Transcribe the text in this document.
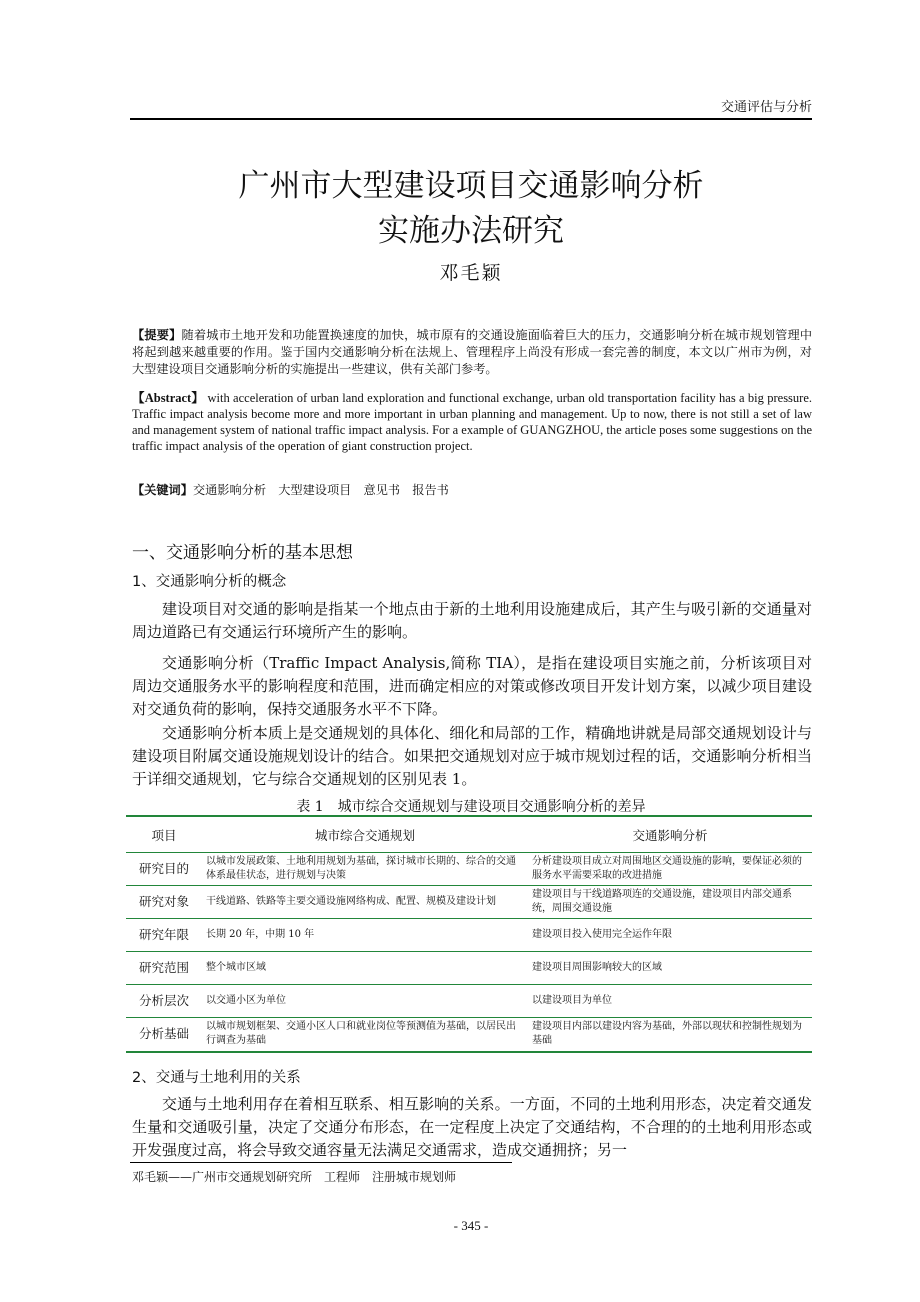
交通评估与分析
广州市大型建设项目交通影响分析
实施办法研究
邓毛颖
【提要】随着城市土地开发和功能置换速度的加快，城市原有的交通设施面临着巨大的压力，交通影响分析在城市规划管理中将起到越来越重要的作用。鉴于国内交通影响分析在法规上、管理程序上尚没有形成一套完善的制度，本文以广州市为例，对大型建设项目交通影响分析的实施提出一些建议，供有关部门参考。
【Abstract】 with acceleration of urban land exploration and functional exchange, urban old transportation facility has a big pressure. Traffic impact analysis become more and more important in urban planning and management. Up to now, there is not still a set of law and management system of national traffic impact analysis. For a example of GUANGZHOU, the article poses some suggestions on the traffic impact analysis of the operation of giant construction project.
【关键词】交通影响分析　大型建设项目　意见书　报告书
一、交通影响分析的基本思想
1、交通影响分析的概念
建设项目对交通的影响是指某一个地点由于新的土地利用设施建成后，其产生与吸引新的交通量对周边道路已有交通运行环境所产生的影响。
交通影响分析（Traffic Impact Analysis,简称 TIA），是指在建设项目实施之前，分析该项目对周边交通服务水平的影响程度和范围，进而确定相应的对策或修改项目开发计划方案，以减少项目建设对交通负荷的影响，保持交通服务水平不下降。
交通影响分析本质上是交通规划的具体化、细化和局部的工作，精确地讲就是局部交通规划设计与建设项目附属交通设施规划设计的结合。如果把交通规划对应于城市规划过程的话，交通影响分析相当于详细交通规划，它与综合交通规划的区别见表 1。
表 1　城市综合交通规划与建设项目交通影响分析的差异
项目	城市综合交通规划	交通影响分析
研究目的	以城市发展政策、土地利用规划为基础，探讨城市长期的、综合的交通体系最佳状态，进行规划与决策	分析建设项目成立对周围地区交通设施的影响，要保证必须的服务水平需要采取的改进措施
研究对象	干线道路、铁路等主要交通设施网络构成、配置、规模及建设计划	建设项目与干线道路项连的交通设施，建设项目内部交通系统，周围交通设施
研究年限	长期 20 年，中期 10 年	建设项目投入使用完全运作年限
研究范围	整个城市区域	建设项目周围影响较大的区域
分析层次	以交通小区为单位	以建设项目为单位
分析基础	以城市规划框架、交通小区人口和就业岗位等预测值为基础，以居民出行调查为基础	建设项目内部以建设内容为基础，外部以现状和控制性规划为基础
2、交通与土地利用的关系
交通与土地利用存在着相互联系、相互影响的关系。一方面，不同的土地利用形态，决定着交通发生量和交通吸引量，决定了交通分布形态，在一定程度上决定了交通结构，不合理的的土地利用形态或开发强度过高，将会导致交通容量无法满足交通需求，造成交通拥挤；另一
邓毛颖——广州市交通规划研究所　工程师　注册城市规划师
- 345 -
